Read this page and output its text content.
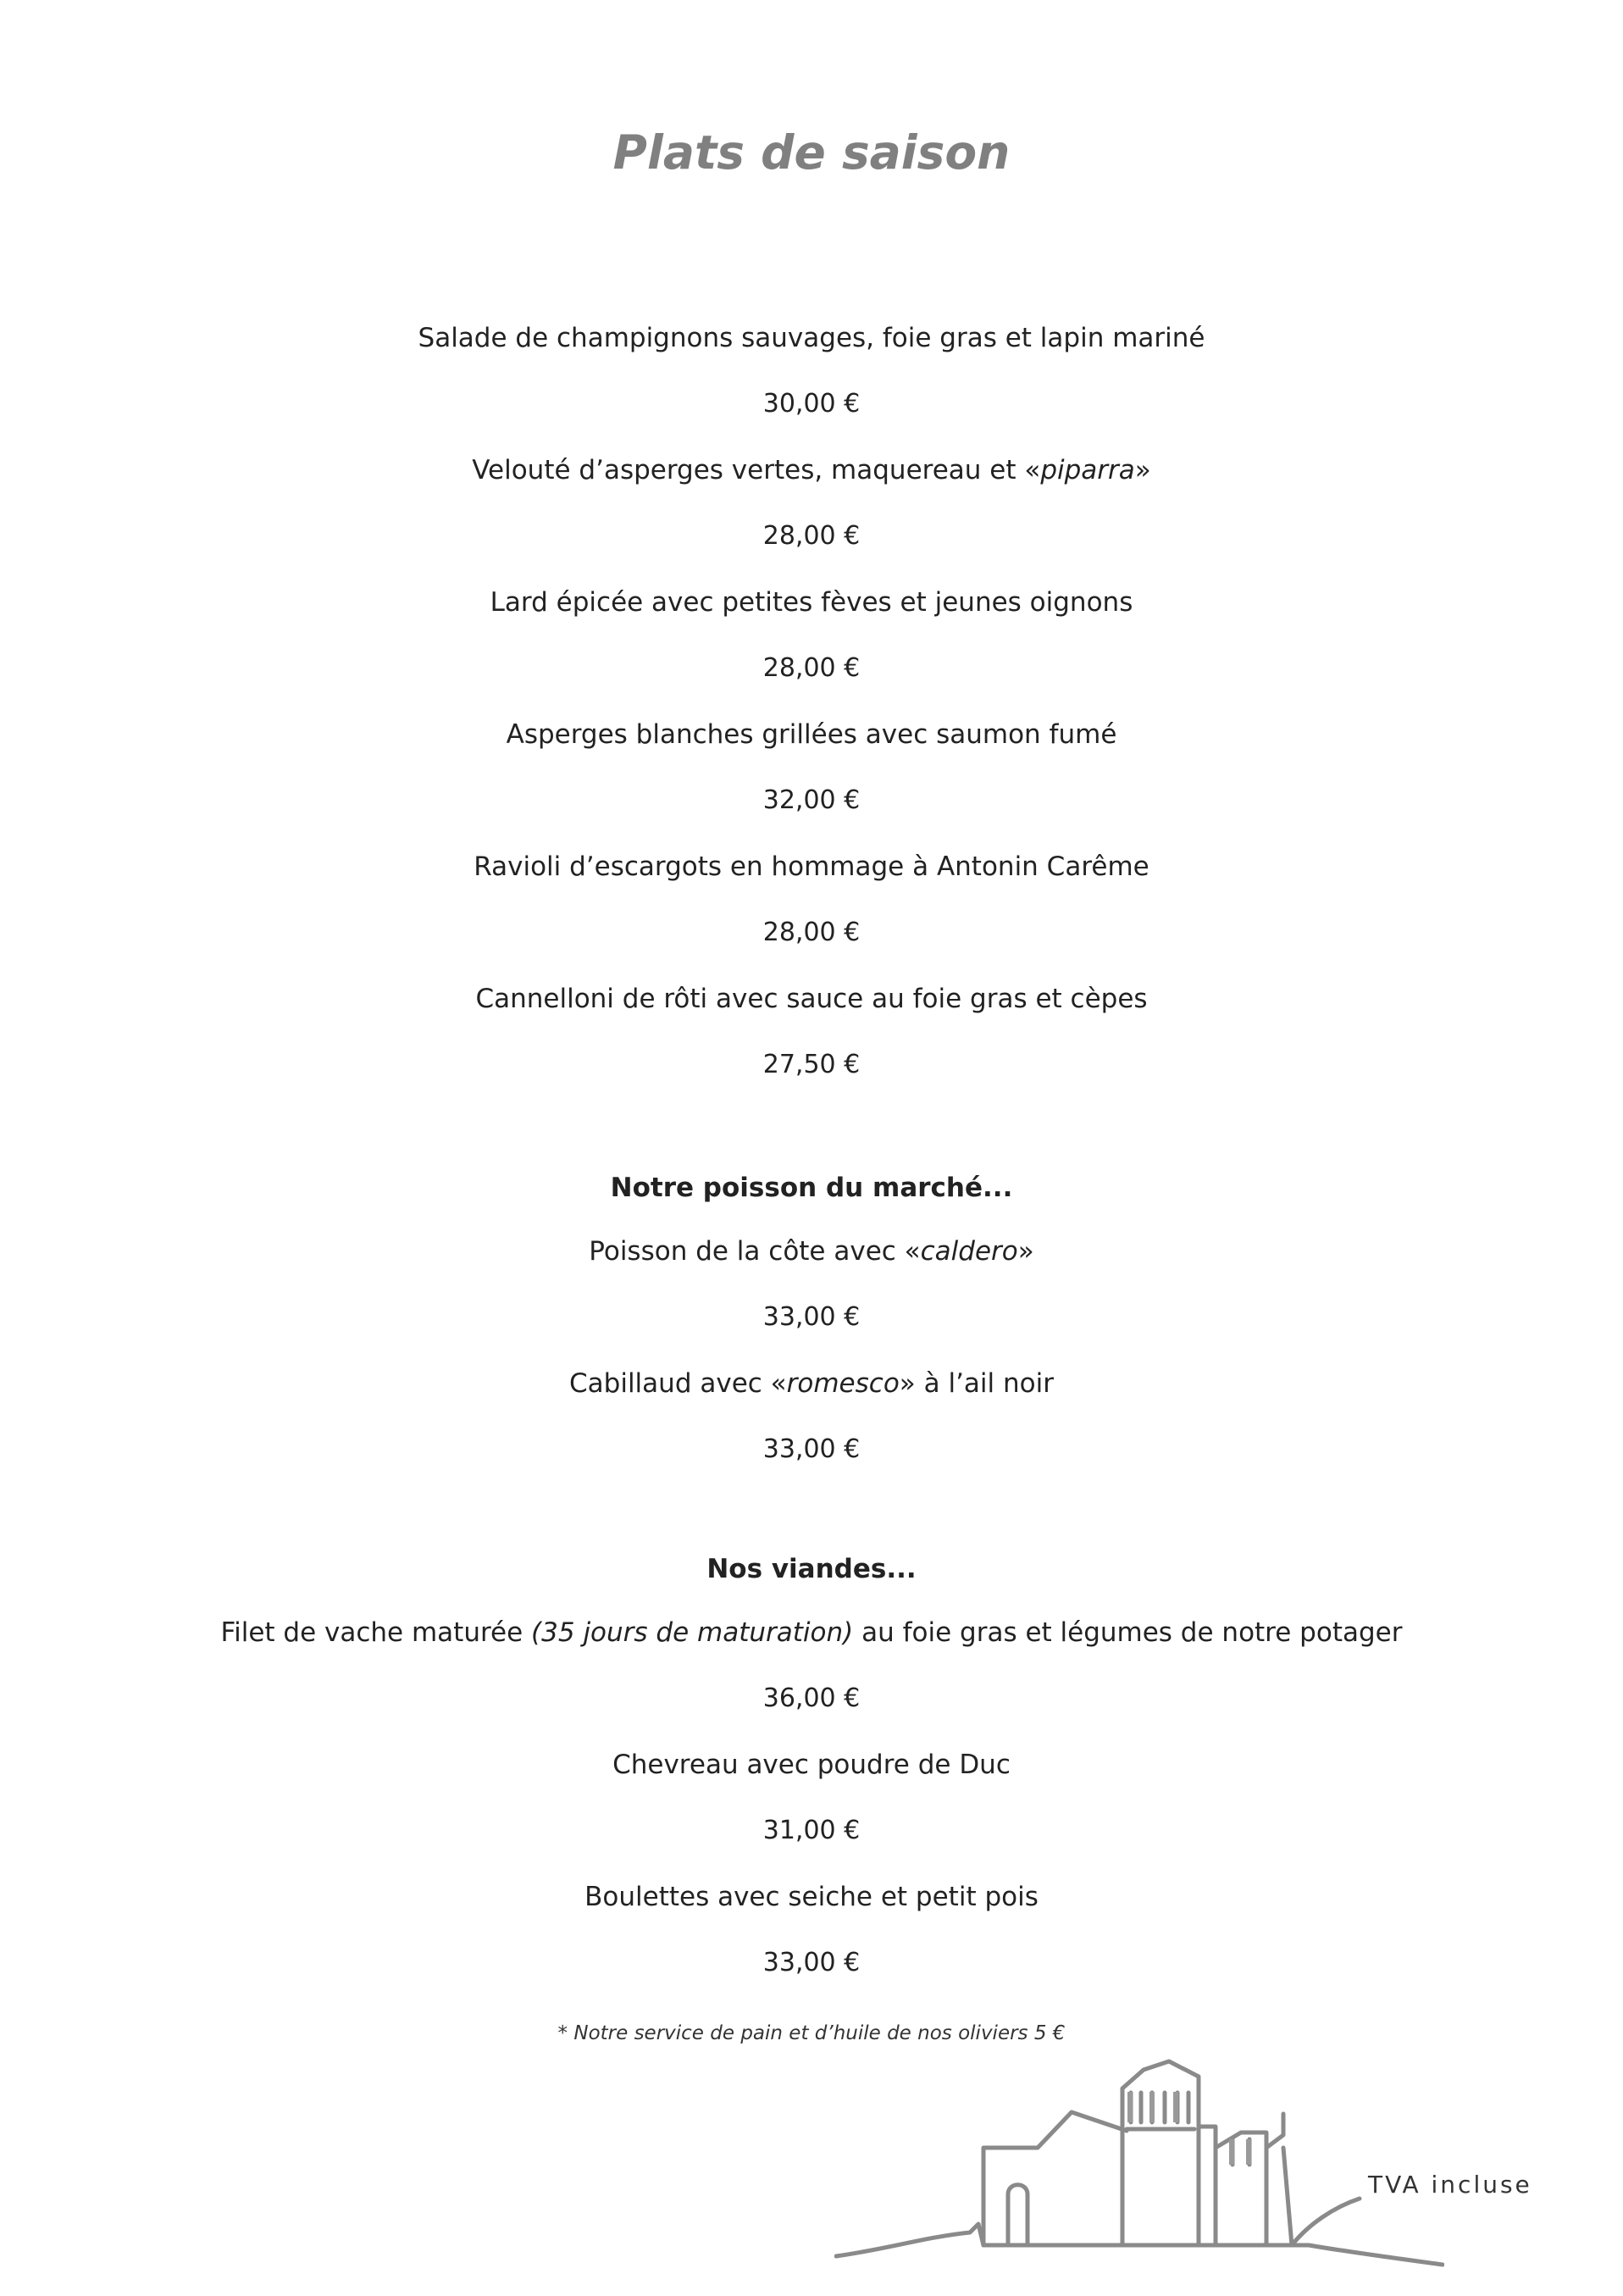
Plats de saison
Salade de champignons sauvages, foie gras et lapin mariné
30,00 €
Velouté d’asperges vertes, maquereau et «piparra»
28,00 €
Lard épicée avec petites fèves et jeunes oignons
28,00 €
Asperges blanches grillées avec saumon fumé
32,00 €
Ravioli d’escargots en hommage à Antonin Carême
28,00 €
Cannelloni de rôti avec sauce au foie gras et cèpes
27,50 €
Notre poisson du marché...
Poisson de la côte avec «caldero»
33,00 €
Cabillaud avec «romesco» à l’ail noir
33,00 €
Nos viandes...
Filet de vache maturée (35 jours de maturation) au foie gras et légumes de notre potager
36,00 €
Chevreau avec poudre de Duc
31,00 €
Boulettes avec seiche et petit pois
33,00 €
* Notre service de pain et d’huile de nos oliviers 5 €
TVA incluse
